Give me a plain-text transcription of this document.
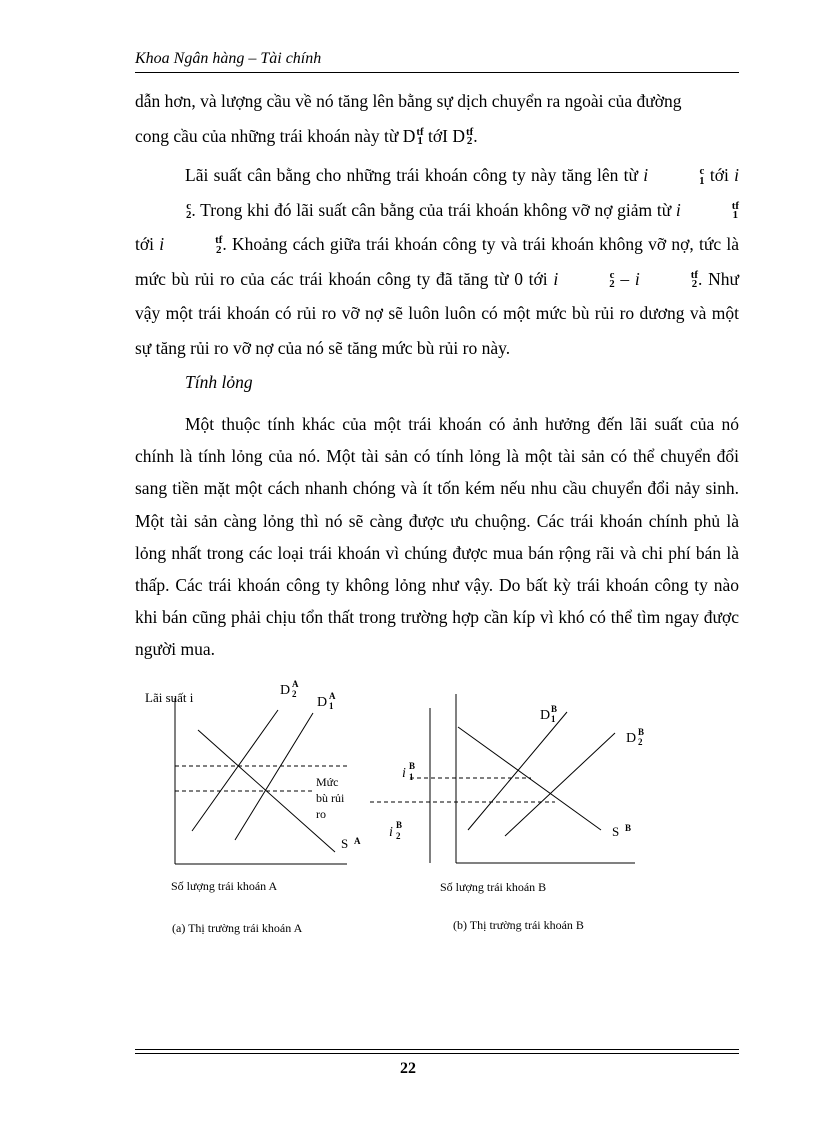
Khoa Ngân hàng – Tài chính

dẫn hơn, và lượng cầu về nó tăng lên bằng sự dịch chuyển ra ngoài của đường

cong cầu của những trái khoán này từ D tf
1 tớI D tf
2 .

Lãi suất cân bằng cho những trái khoán công ty này tăng lên từ i	c
1 tới i
c
2 . Trong khi đó lãi suất cân bằng của trái khoán không vỡ nợ giảm từ i	tf
1
tới i	tf
2 . Khoảng cách giữa trái khoán công ty và trái khoán không vỡ nợ, tức là mức bù rủi ro của các trái khoán công ty đã tăng từ 0 tới i	c
2 – i	tf
2 . Như vậy một trái khoán có rủi ro vỡ nợ sẽ luôn luôn có một mức bù rủi ro dương và một sự tăng rủi ro vỡ nợ của nó sẽ tăng mức bù rủi ro này.

Tính lỏng

Một thuộc tính khác của một trái khoán có ảnh hưởng đến lãi suất của nó chính là tính lỏng của nó. Một tài sản có tính lỏng là một tài sản có thể chuyển đổi sang tiền mặt một cách nhanh chóng và ít tốn kém nếu nhu cầu chuyển đổi nảy sinh. Một tài sản càng lỏng thì nó sẽ càng được ưu chuộng. Các trái khoán chính phủ là lỏng nhất trong các loại trái khoán vì chúng được mua bán rộng rãi và chi phí bán là thấp. Các trái khoán công ty không lỏng như vậy. Do bất kỳ trái khoán công ty nào khi bán cũng phải chịu tổn thất trong trường hợp cần kíp vì khó có thể tìm ngay được người mua.

Lãi suất i	D A
2
D A
1
Mức
bù rủi
ro
S A
Số lượng trái khoán A
(a) Thị trường trái khoán A
i B
1
i B
2
D B
1
D B
2
S B
Số lượng trái khoán B
(b) Thị trường trái khoán B
22
